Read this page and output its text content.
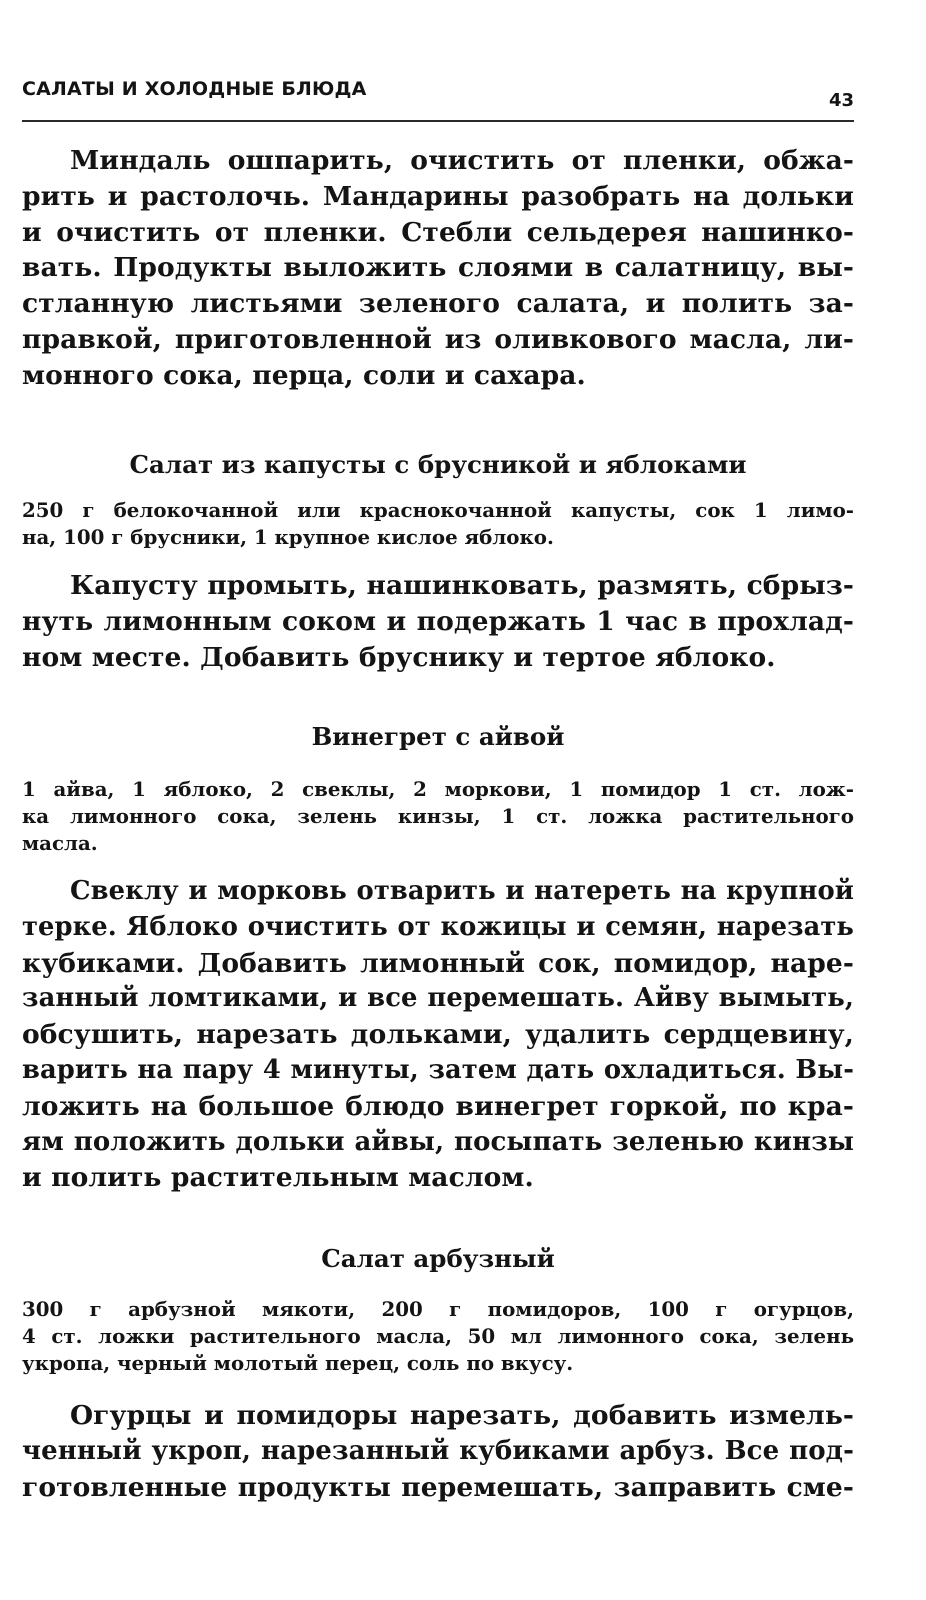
САЛАТЫ И ХОЛОДНЫЕ БЛЮДА
43
Миндаль ошпарить, очистить от пленки, обжа-
рить и растолочь. Мандарины разобрать на дольки
и очистить от пленки. Стебли сельдерея нашинко-
вать. Продукты выложить слоями в салатницу, вы-
стланную листьями зеленого салата, и полить за-
правкой, приготовленной из оливкового масла, ли-
монного сока, перца, соли и сахара.
Салат из капусты с брусникой и яблоками
250 г белокочанной или краснокочанной капусты, сок 1 лимо-
на, 100 г брусники, 1 крупное кислое яблоко.
Капусту промыть, нашинковать, размять, сбрыз-
нуть лимонным соком и подержать 1 час в прохлад-
ном месте. Добавить бруснику и тертое яблоко.
Винегрет с айвой
1 айва, 1 яблоко, 2 свеклы, 2 моркови, 1 помидор 1 ст. лож-
ка лимонного сока, зелень кинзы, 1 ст. ложка растительного
масла.
Свеклу и морковь отварить и натереть на крупной
терке. Яблоко очистить от кожицы и семян, нарезать
кубиками. Добавить лимонный сок, помидор, наре-
занный ломтиками, и все перемешать. Айву вымыть,
обсушить, нарезать дольками, удалить сердцевину,
варить на пару 4 минуты, затем дать охладиться. Вы-
ложить на большое блюдо винегрет горкой, по кра-
ям положить дольки айвы, посыпать зеленью кинзы
и полить растительным маслом.
Салат арбузный
300 г арбузной мякоти, 200 г помидоров, 100 г огурцов,
4 ст. ложки растительного масла, 50 мл лимонного сока, зелень
укропа, черный молотый перец, соль по вкусу.
Огурцы и помидоры нарезать, добавить измель-
ченный укроп, нарезанный кубиками арбуз. Все под-
готовленные продукты перемешать, заправить сме-
